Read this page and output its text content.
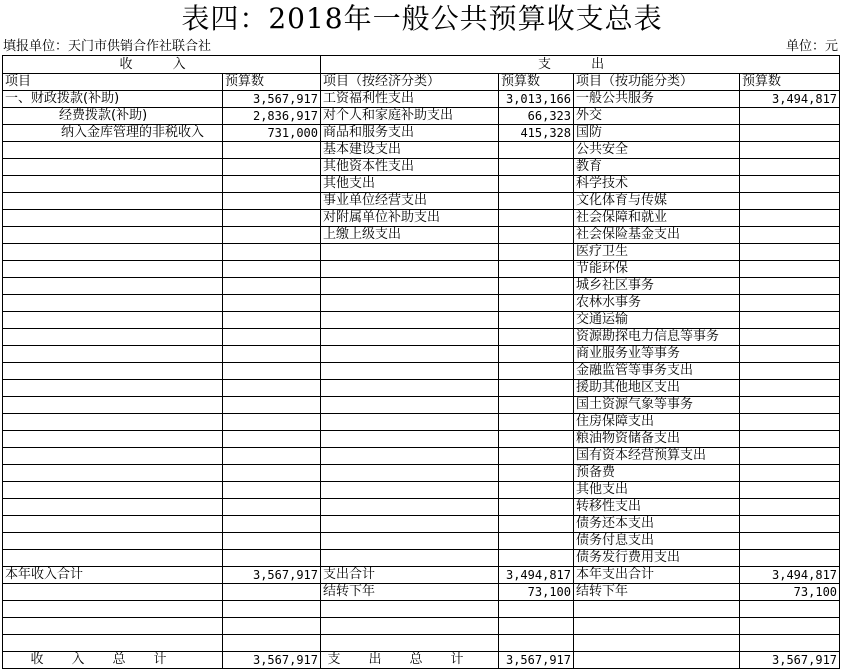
表四：2018年一般公共预算收支总表
填报单位：天门市供销合作社联合社	单位：元
收 入		支 出			
项目	预算数	项目（按经济分类）	预算数	项目（按功能分类）	预算数
一、财政拨款(补助)	3,567,917	工资福利性支出	3,013,166	一般公共服务	3,494,817
经费拨款(补助)	2,836,917	对个人和家庭补助支出	66,323	外交	
纳入金库管理的非税收入	731,000	商品和服务支出	415,328	国防	
		基本建设支出		公共安全	
		其他资本性支出		教育	
		其他支出		科学技术	
		事业单位经营支出		文化体育与传媒	
		对附属单位补助支出		社会保障和就业	
		上缴上级支出		社会保险基金支出	
				医疗卫生	
				节能环保	
				城乡社区事务	
				农林水事务	
				交通运输	
				资源勘探电力信息等事务	
				商业服务业等事务	
				金融监管等事务支出	
				援助其他地区支出	
				国土资源气象等事务	
				住房保障支出	
				粮油物资储备支出	
				国有资本经营预算支出	
				预备费	
				其他支出	
				转移性支出	
				债务还本支出	
				债务付息支出	
				债务发行费用支出	
本年收入合计	3,567,917	支出合计	3,494,817	本年支出合计	3,494,817
		结转下年	73,100	结转下年	73,100

收入总计	3,567,917	支出总计	3,567,917		3,567,917
